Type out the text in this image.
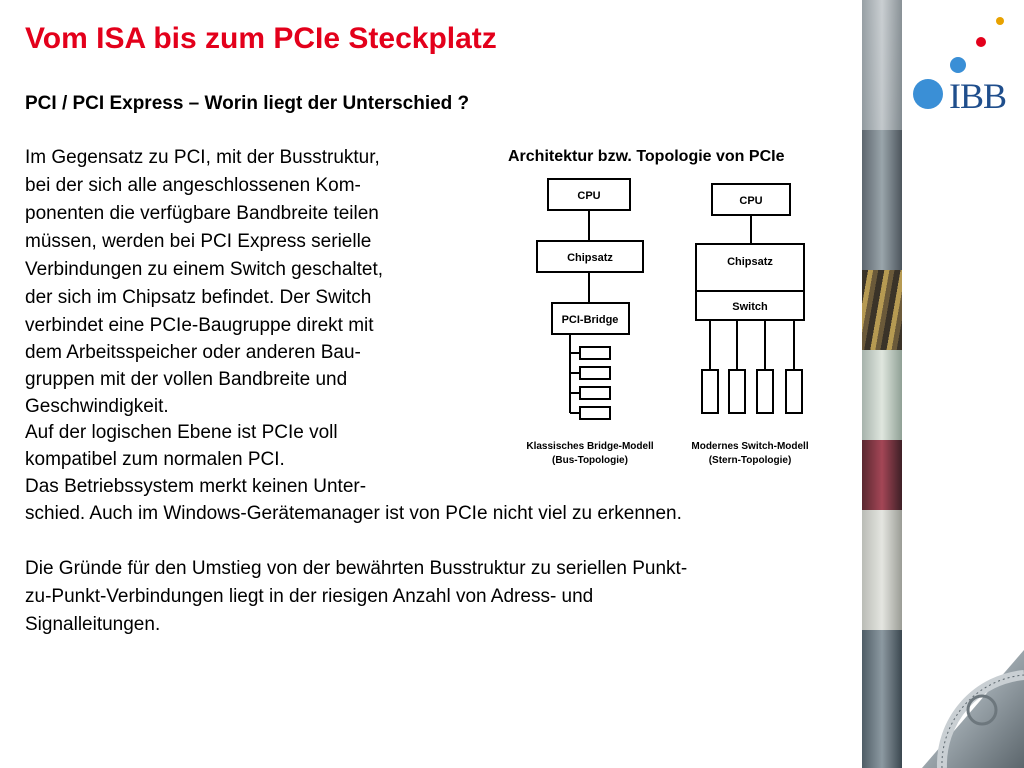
Vom ISA bis zum PCIe Steckplatz
PCI / PCI Express – Worin liegt der Unterschied ?
Im Gegensatz zu PCI, mit der Busstruktur,
bei der sich alle angeschlossenen Kom-
ponenten die verfügbare Bandbreite teilen
müssen, werden bei PCI Express serielle
Verbindungen zu einem Switch geschaltet,
der sich im Chipsatz befindet. Der Switch
verbindet eine PCIe-Baugruppe direkt mit
dem Arbeitsspeicher oder anderen Bau-
gruppen mit der vollen Bandbreite und
Geschwindigkeit.
Auf der logischen Ebene ist PCIe voll
kompatibel zum normalen PCI.
Das Betriebssystem merkt keinen Unter-
schied. Auch im Windows-Gerätemanager ist von PCIe nicht viel zu erkennen.
Die Gründe für den Umstieg von der bewährten Busstruktur zu seriellen Punkt-
zu-Punkt-Verbindungen liegt in der riesigen Anzahl von Adress- und
Signalleitungen.
Architektur bzw. Topologie von PCIe
CPU
Chipsatz
PCI-Bridge
Klassisches Bridge-Modell
(Bus-Topologie)
CPU
Chipsatz
Switch
Modernes Switch-Modell
(Stern-Topologie)
IBB
